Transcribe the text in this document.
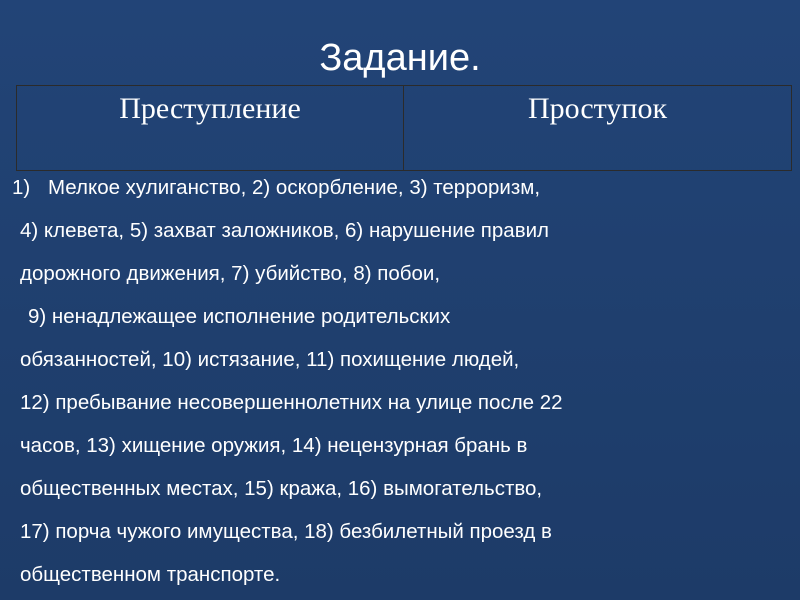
Задание.
Преступление	Проступок
1) Мелкое хулиганство, 2) оскорбление, 3) терроризм,
4) клевета, 5) захват заложников, 6) нарушение правил
дорожного движения, 7) убийство, 8) побои,
9) ненадлежащее исполнение родительских
обязанностей, 10) истязание, 11) похищение людей,
12) пребывание несовершеннолетних на улице после 22
часов, 13) хищение оружия, 14) нецензурная брань в
общественных местах, 15) кража, 16) вымогательство,
17) порча чужого имущества, 18) безбилетный проезд в
общественном транспорте.
